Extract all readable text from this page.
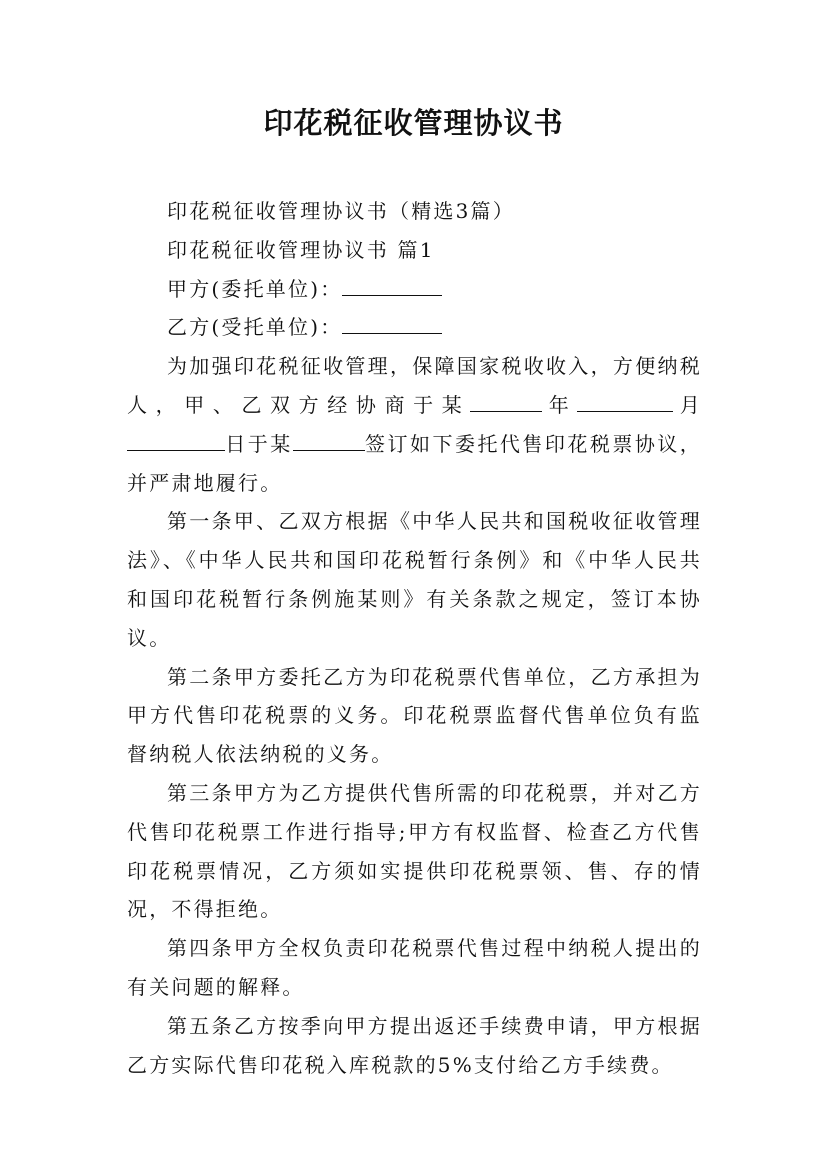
印花税征收管理协议书

印花税征收管理协议书（精选3篇）

印花税征收管理协议书 篇1

甲方(委托单位)：

乙方(受托单位)：

为加强印花税征收管理，保障国家税收收入，方便纳税人，甲、乙双方经协商于某	年	月日于某	签订如下委托代售印花税票协议，并严肃地履行。

第一条甲、乙双方根据《中华人民共和国税收征收管理法》、《中华人民共和国印花税暂行条例》和《中华人民共和国印花税暂行条例施某则》有关条款之规定，签订本协议。

第二条甲方委托乙方为印花税票代售单位，乙方承担为甲方代售印花税票的义务。印花税票监督代售单位负有监督纳税人依法纳税的义务。

第三条甲方为乙方提供代售所需的印花税票，并对乙方代售印花税票工作进行指导;甲方有权监督、检查乙方代售印花税票情况，乙方须如实提供印花税票领、售、存的情况，不得拒绝。

第四条甲方全权负责印花税票代售过程中纳税人提出的有关问题的解释。

第五条乙方按季向甲方提出返还手续费申请，甲方根据乙方实际代售印花税入库税款的5%支付给乙方手续费。
